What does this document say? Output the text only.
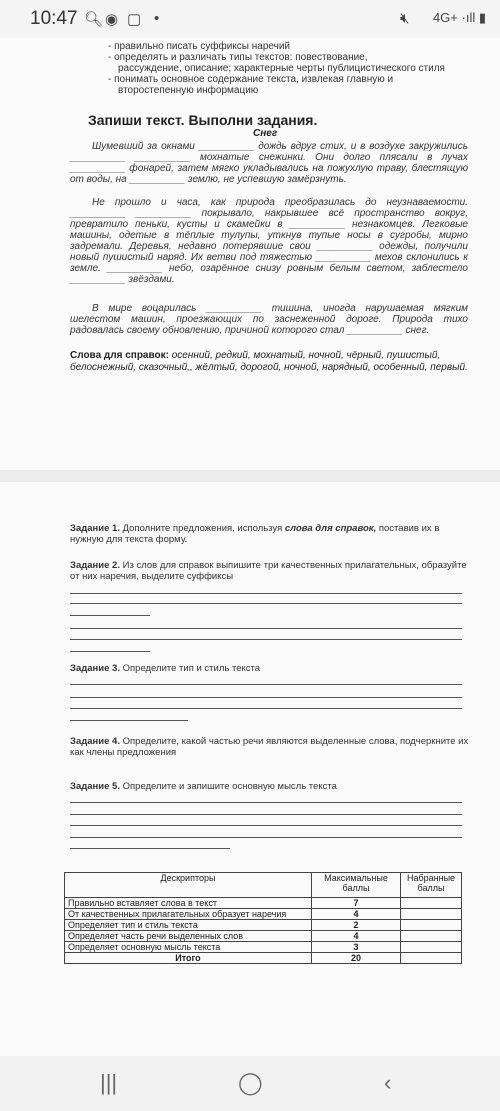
10:47 🔍︎ ◉ ▢ •	🔇︎ 4G+ ·ıll ▮
- правильно писать суффиксы наречий
- определять и различать типы текстов: повествование,
рассуждение, описание; характерные черты публицистического стиля
- понимать основное содержание текста, извлекая главную и
второстепенную информацию
Запиши текст. Выполни задания.
Снег
Шумевший за окнами __________ дождь вдруг стих, и в воздухе закружились __________ __________ мохнатые снежинки. Они долго плясали в лучах __________ фонарей, затем мягко укладывались на пожухлую траву, блестящую от воды, на __________ землю, не успевшую замёрзнуть.
Не прошло и часа, как природа преобразилась до неузнаваемости. __________ __________ покрывало, накрывшее всё пространство вокруг, превратило пеньки, кусты и скамейки в __________ незнакомцев. Легковые машины, одетые в тёплые тулупы, уткнув тупые носы в сугробы, мирно задремали. Деревья, недавно потерявшие свои __________ одежды, получили новый пушистый наряд. Их ветви под тяжестью __________ мехов склонились к земле. __________ небо, озарённое снизу ровным белым светом, заблестело __________ звёздами.
В мире воцарилась __________ тишина, иногда нарушаемая мягким шелестом машин, проезжающих по заснеженной дороге. Природа тихо радовалась своему обновлению, причиной которого стал __________ снег.
Слова для справок: осенний, редкий, мохнатый, ночной, чёрный, пушистый, белоснежный, сказочный,, жёлтый, дорогой, ночной, нарядный, особенный, первый.
Задание 1. Дополните предложения, используя слова для справок, поставив их в нужную для текста форму.
Задание 2. Из слов для справок выпишите три качественных прилагательных, образуйте от них наречия, выделите суффиксы
Задание 3. Определите тип и стиль текста
Задание 4. Определите, какой частью речи являются выделенные слова, подчеркните их как члены предложения
Задание 5. Определите и запишите основную мысль текста
Дескрипторы	Максимальные баллы	Набранные баллы
Правильно вставляет слова в текст	7	
От качественных прилагательных образует наречия	4	
Определяет тип и стиль текста	2	
Определяет часть речи выделенных слов	4	
Определяет основную мысль текста	3	
Итого	20	
|||	◯	‹
